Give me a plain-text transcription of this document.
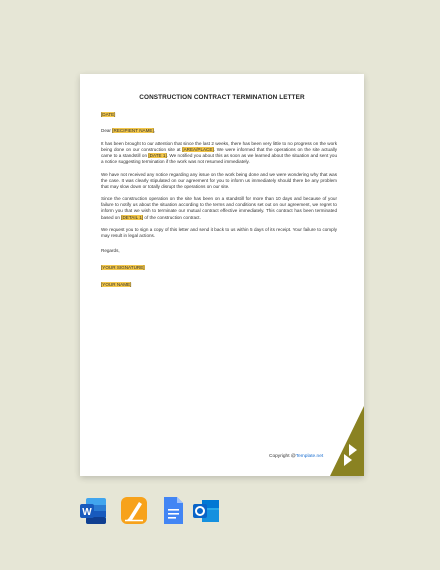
CONSTRUCTION CONTRACT TERMINATION LETTER

[DATE]

Dear [RECIPIENT NAME],

It has been brought to our attention that since the last 2 weeks, there has been very little to no progress on the work being done on our construction site at [AREA/PLACE]. We were informed that the operations on the site actually came to a standstill on [DATE 1]. We notified you about this as soon as we learned about the situation and sent you a notice suggesting termination if the work was not resumed immediately.

We have not received any notice regarding any issue on the work being done and we were wondering why that was the case. It was clearly stipulated on our agreement for you to inform us immediately should there be any problem that may slow down or totally disrupt the operations on our site.

Since the construction operation on the site has been on a standstill for more than 10 days and because of your failure to notify us about the situation according to the terms and conditions set out on our agreement, we regret to inform you that we wish to terminate our mutual contract effective immediately. This contract has been terminated based on [DETAIL 1] of the construction contract.

We request you to sign a copy of this letter and send it back to us within 5 days of its receipt. Your failure to comply may result in legal actions.

Regards,

[YOUR SIGNATURE]

[YOUR NAME]

Copyright @Template.net
W
